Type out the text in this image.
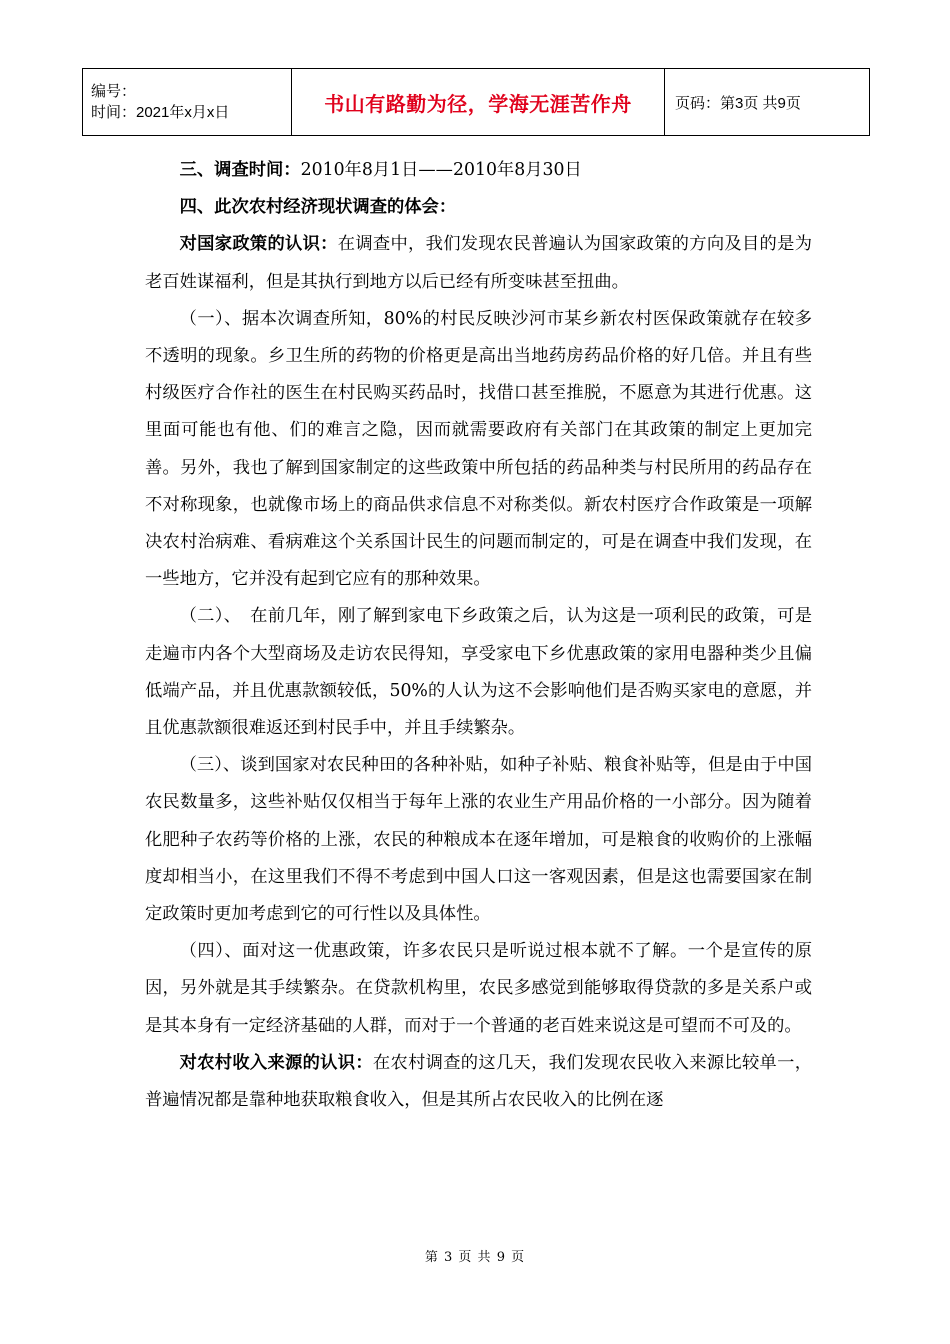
编号：
时间：2021年x月x日	书山有路勤为径，学海无涯苦作舟	页码：第3页 共9页

三、调查时间：2010年8月1日——2010年8月30日

四、此次农村经济现状调查的体会：

对国家政策的认识：在调查中，我们发现农民普遍认为国家政策的方向及目的是为老百姓谋福利，但是其执行到地方以后已经有所变味甚至扭曲。

（一）、据本次调查所知，80%的村民反映沙河市某乡新农村医保政策就存在较多不透明的现象。乡卫生所的药物的价格更是高出当地药房药品价格的好几倍。并且有些村级医疗合作社的医生在村民购买药品时，找借口甚至推脱，不愿意为其进行优惠。这里面可能也有他、们的难言之隐，因而就需要政府有关部门在其政策的制定上更加完善。另外，我也了解到国家制定的这些政策中所包括的药品种类与村民所用的药品存在不对称现象，也就像市场上的商品供求信息不对称类似。新农村医疗合作政策是一项解决农村治病难、看病难这个关系国计民生的问题而制定的，可是在调查中我们发现，在一些地方，它并没有起到它应有的那种效果。

（二）、　在前几年，刚了解到家电下乡政策之后，认为这是一项利民的政策，可是走遍市内各个大型商场及走访农民得知，享受家电下乡优惠政策的家用电器种类少且偏低端产品，并且优惠款额较低，50%的人认为这不会影响他们是否购买家电的意愿，并且优惠款额很难返还到村民手中，并且手续繁杂。

（三）、谈到国家对农民种田的各种补贴，如种子补贴、粮食补贴等，但是由于中国农民数量多，这些补贴仅仅相当于每年上涨的农业生产用品价格的一小部分。因为随着化肥种子农药等价格的上涨，农民的种粮成本在逐年增加，可是粮食的收购价的上涨幅度却相当小，在这里我们不得不考虑到中国人口这一客观因素，但是这也需要国家在制定政策时更加考虑到它的可行性以及具体性。

（四）、面对这一优惠政策，许多农民只是听说过根本就不了解。一个是宣传的原因，另外就是其手续繁杂。在贷款机构里，农民多感觉到能够取得贷款的多是关系户或是其本身有一定经济基础的人群，而对于一个普通的老百姓来说这是可望而不可及的。

对农村收入来源的认识：在农村调查的这几天，我们发现农民收入来源比较单一，普遍情况都是靠种地获取粮食收入，但是其所占农民收入的比例在逐

第 3 页 共 9 页
